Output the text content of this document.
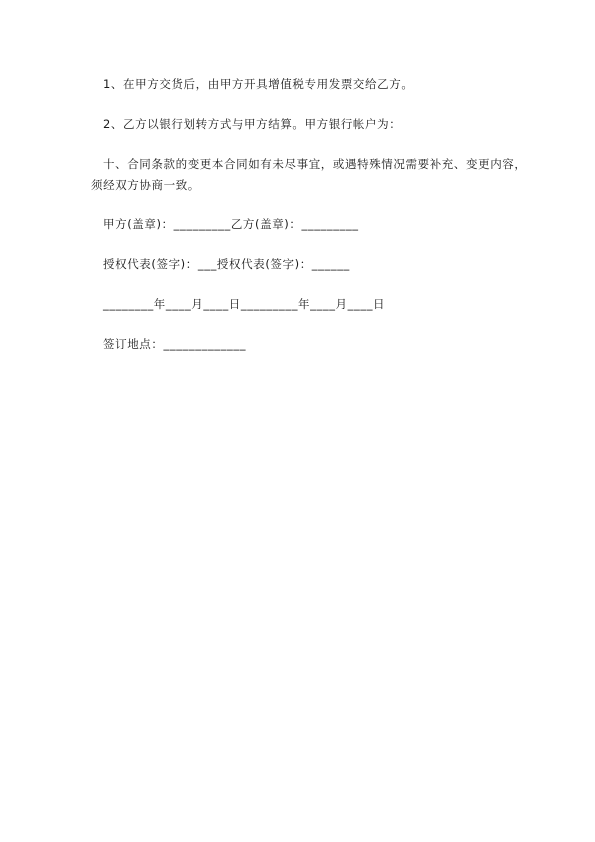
1、在甲方交货后，由甲方开具增值税专用发票交给乙方。
2、乙方以银行划转方式与甲方结算。甲方银行帐户为：
十、合同条款的变更本合同如有未尽事宜，或遇特殊情况需要补充、变更内容，
须经双方协商一致。
甲方(盖章)：_________乙方(盖章)：_________
授权代表(签字)：___授权代表(签字)：______
________年____月____日_________年____月____日
签订地点：_____________
